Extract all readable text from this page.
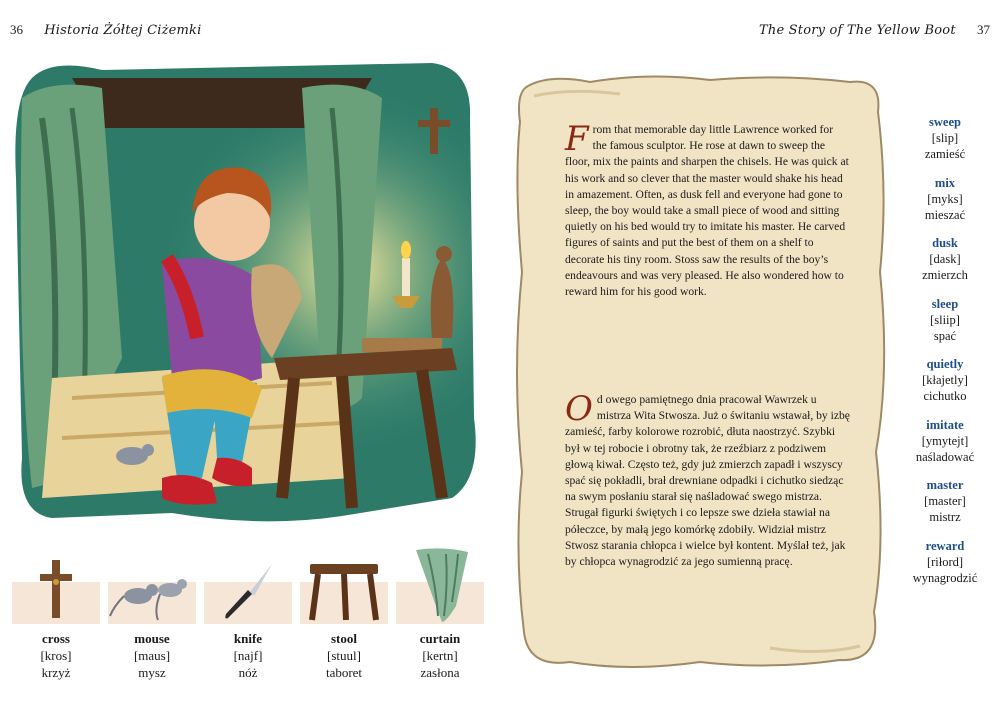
36 Historia Żółtej Ciżemki	The Story of The Yellow Boot 37
cross
[kros]
krzyż
mouse
[maus]
mysz
knife
[najf]
nóż
stool
[stuul]
taboret
curtain
[kertn]
zasłona
From that memorable day little Lawrence worked for the famous sculptor. He rose at dawn to sweep the floor, mix the paints and sharpen the chisels. He was quick at his work and so clever that the master would shake his head in amazement. Often, as dusk fell and everyone had gone to sleep, the boy would take a small piece of wood and sitting quietly on his bed would try to imitate his master. He carved figures of saints and put the best of them on a shelf to decorate his tiny room. Stoss saw the results of the boy’s endeavours and was very pleased. He also wondered how to reward him for his good work.
Od owego pamiętnego dnia pracował Wawrzek u mistrza Wita Stwosza. Już o świtaniu wstawał, by izbę zamieść, farby kolorowe rozrobić, dłuta naostrzyć. Szybki był w tej robocie i obrotny tak, że rzeźbiarz z podziwem głową kiwał. Często też, gdy już zmierzch zapadł i wszyscy spać się pokładli, brał drewniane odpadki i cichutko siedząc na swym posłaniu starał się naśladować swego mistrza. Strugał figurki świętych i co lepsze swe dzieła stawiał na półeczce, by małą jego komórkę zdobiły. Widział mistrz Stwosz starania chłopca i wielce był kontent. Myślał też, jak by chłopca wynagrodzić za jego sumienną pracę.
sweep
[slip]
zamieść
mix
[myks]
mieszać
dusk
[dask]
zmierzch
sleep
[sliip]
spać
quietly
[kłajetly]
cichutko
imitate
[ymytejt]
naśladować
master
[master]
mistrz
reward
[riłord]
wynagrodzić
